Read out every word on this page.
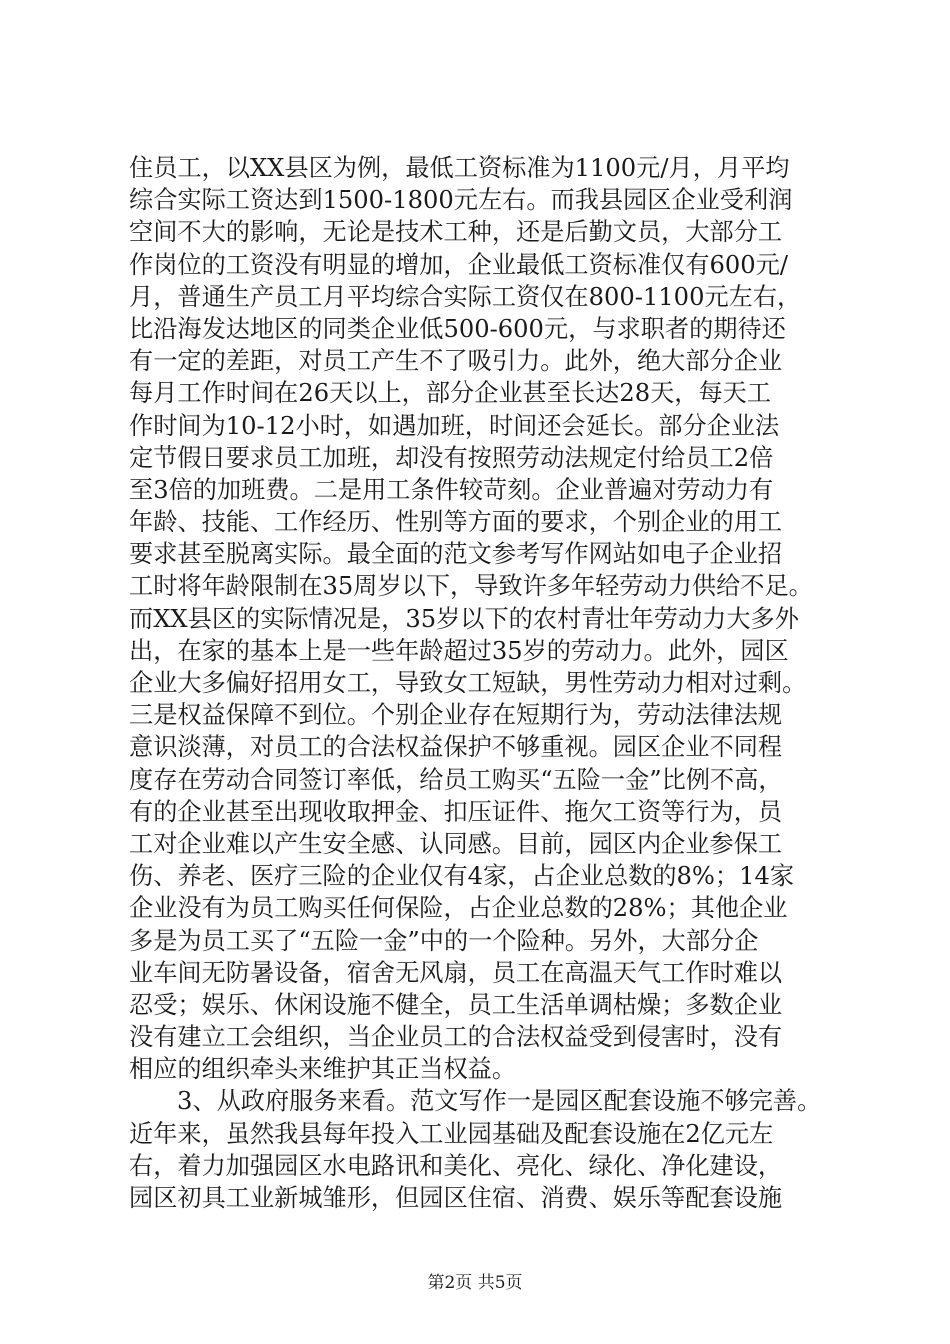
住员工，以XX县区为例，最低工资标准为1100元/月，月平均
综合实际工资达到1500-1800元左右。而我县园区企业受利润
空间不大的影响，无论是技术工种，还是后勤文员，大部分工
作岗位的工资没有明显的增加，企业最低工资标准仅有600元/
月，普通生产员工月平均综合实际工资仅在800-1100元左右，
比沿海发达地区的同类企业低500-600元，与求职者的期待还
有一定的差距，对员工产生不了吸引力。此外，绝大部分企业
每月工作时间在26天以上，部分企业甚至长达28天，每天工
作时间为10-12小时，如遇加班，时间还会延长。部分企业法
定节假日要求员工加班，却没有按照劳动法规定付给员工2倍
至3倍的加班费。二是用工条件较苛刻。企业普遍对劳动力有
年龄、技能、工作经历、性别等方面的要求，个别企业的用工
要求甚至脱离实际。最全面的范文参考写作网站如电子企业招
工时将年龄限制在35周岁以下，导致许多年轻劳动力供给不足。
而XX县区的实际情况是，35岁以下的农村青壮年劳动力大多外
出，在家的基本上是一些年龄超过35岁的劳动力。此外，园区
企业大多偏好招用女工，导致女工短缺，男性劳动力相对过剩。
三是权益保障不到位。个别企业存在短期行为，劳动法律法规
意识淡薄，对员工的合法权益保护不够重视。园区企业不同程
度存在劳动合同签订率低，给员工购买“五险一金”比例不高，
有的企业甚至出现收取押金、扣压证件、拖欠工资等行为，员
工对企业难以产生安全感、认同感。目前，园区内企业参保工
伤、养老、医疗三险的企业仅有4家，占企业总数的8%；14家
企业没有为员工购买任何保险，占企业总数的28%；其他企业
多是为员工买了“五险一金”中的一个险种。另外，大部分企
业车间无防暑设备，宿舍无风扇，员工在高温天气工作时难以
忍受；娱乐、休闲设施不健全，员工生活单调枯燥；多数企业
没有建立工会组织，当企业员工的合法权益受到侵害时，没有
相应的组织牵头来维护其正当权益。
3、从政府服务来看。范文写作一是园区配套设施不够完善。
近年来，虽然我县每年投入工业园基础及配套设施在2亿元左
右，着力加强园区水电路讯和美化、亮化、绿化、净化建设，
园区初具工业新城雏形，但园区住宿、消费、娱乐等配套设施
第2页 共5页
